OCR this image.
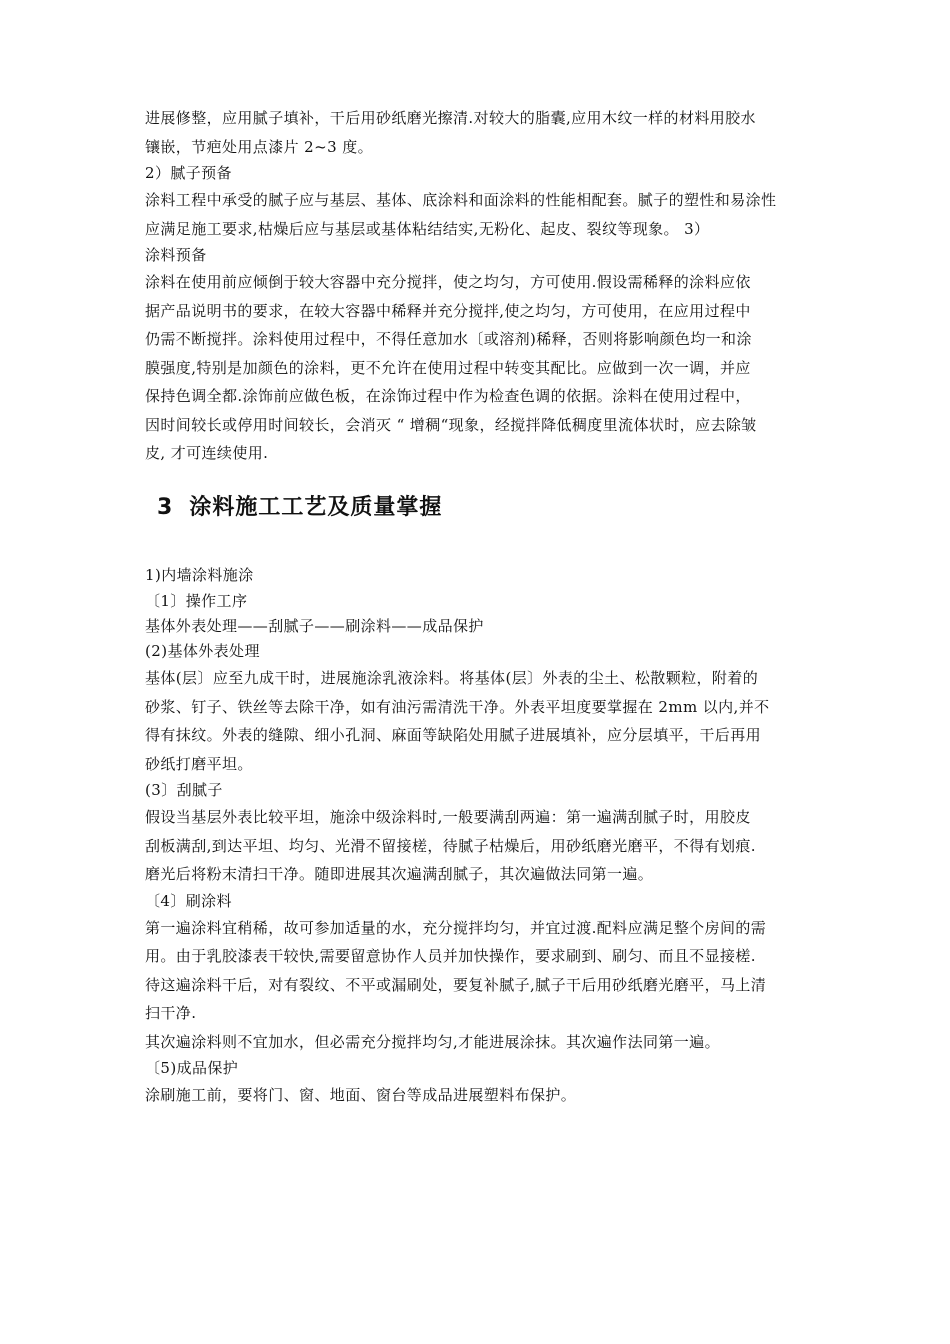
进展修整，应用腻子填补，干后用砂纸磨光擦清.对较大的脂囊,应用木纹一样的材料用胶水
镶嵌，节疤处用点漆片 2~3 度。
2）腻子预备
涂料工程中承受的腻子应与基层、基体、底涂料和面涂料的性能相配套。腻子的塑性和易涂性
应满足施工要求,枯燥后应与基层或基体粘结结实,无粉化、起皮、裂纹等现象。 3）
涂料预备
涂料在使用前应倾倒于较大容器中充分搅拌，使之均匀，方可使用.假设需稀释的涂料应依
据产品说明书的要求，在较大容器中稀释并充分搅拌,使之均匀，方可使用，在应用过程中
仍需不断搅拌。涂料使用过程中，不得任意加水〔或溶剂)稀释，否则将影响颜色均一和涂
膜强度,特别是加颜色的涂料，更不允许在使用过程中转变其配比。应做到一次一调，并应
保持色调全都.涂饰前应做色板，在涂饰过程中作为检查色调的依据。涂料在使用过程中，
因时间较长或停用时间较长，会消灭 “ 增稠“现象，经搅拌降低稠度里流体状时，应去除皱
皮, 才可连续使用.
3 涂料施工工艺及质量掌握
1)内墙涂料施涂
〔1〕操作工序
基体外表处理——刮腻子——刷涂料——成品保护
(2)基体外表处理
基体(层〕应至九成干时，进展施涂乳液涂料。将基体(层〕外表的尘土、松散颗粒，附着的
砂浆、钉子、铁丝等去除干净，如有油污需清洗干净。外表平坦度要掌握在 2mm 以内,并不
得有抹纹。外表的缝隙、细小孔洞、麻面等缺陷处用腻子进展填补，应分层填平，干后再用
砂纸打磨平坦。
(3〕刮腻子
假设当基层外表比较平坦，施涂中级涂料时,一般要满刮两遍：第一遍满刮腻子时，用胶皮
刮板满刮,到达平坦、均匀、光滑不留接槎，待腻子枯燥后，用砂纸磨光磨平，不得有划痕.
磨光后将粉末清扫干净。随即进展其次遍满刮腻子，其次遍做法同第一遍。
〔4〕刷涂料
第一遍涂料宜稍稀，故可参加适量的水，充分搅拌均匀，并宜过渡.配料应满足整个房间的需
用。由于乳胶漆表干较快,需要留意协作人员并加快操作，要求刷到、刷匀、而且不显接槎.
待这遍涂料干后，对有裂纹、不平或漏刷处，要复补腻子,腻子干后用砂纸磨光磨平，马上清
扫干净.
其次遍涂料则不宜加水，但必需充分搅拌均匀,才能进展涂抹。其次遍作法同第一遍。
〔5)成品保护
涂刷施工前，要将门、窗、地面、窗台等成品进展塑料布保护。
